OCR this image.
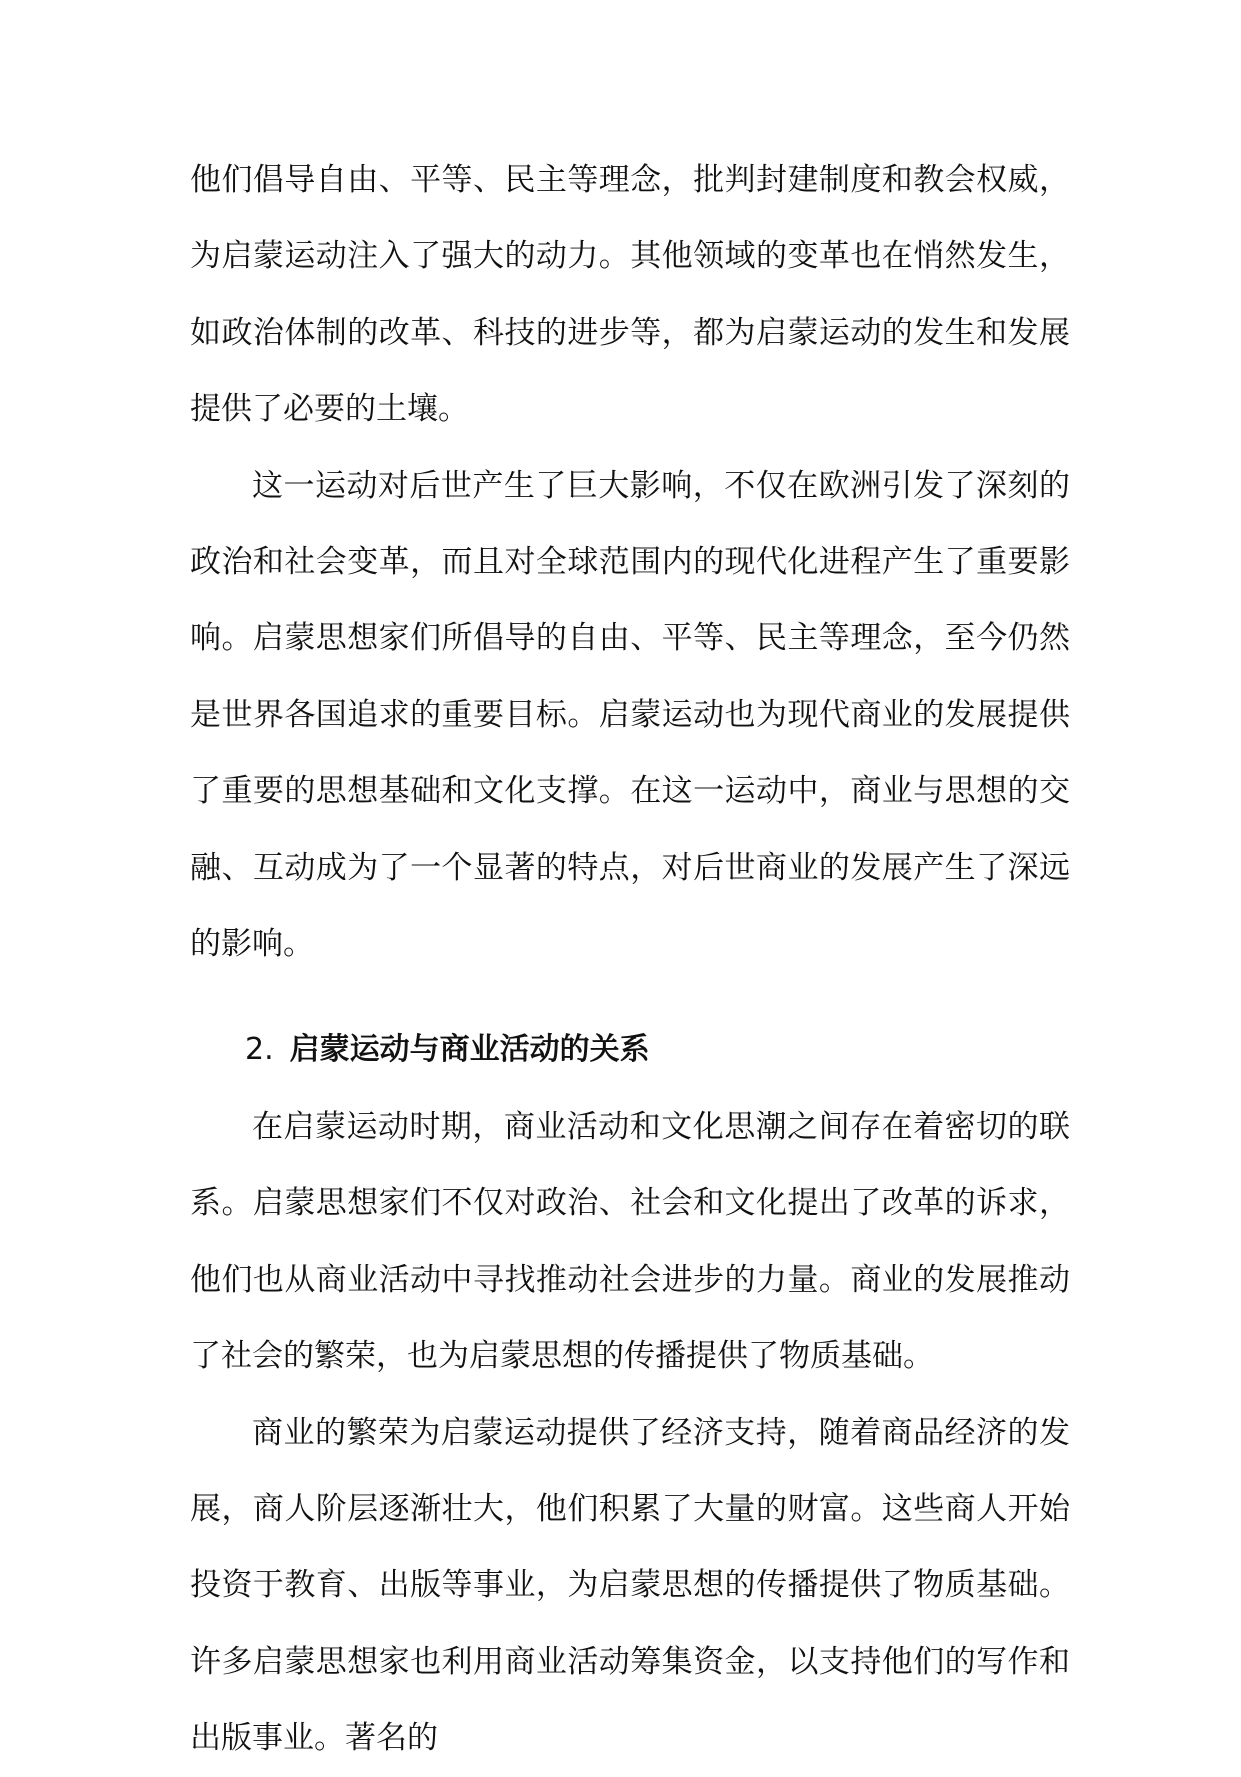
他们倡导自由、平等、民主等理念，批判封建制度和教会权威，为启蒙运动注入了强大的动力。其他领域的变革也在悄然发生，如政治体制的改革、科技的进步等，都为启蒙运动的发生和发展提供了必要的土壤。

这一运动对后世产生了巨大影响，不仅在欧洲引发了深刻的政治和社会变革，而且对全球范围内的现代化进程产生了重要影响。启蒙思想家们所倡导的自由、平等、民主等理念，至今仍然是世界各国追求的重要目标。启蒙运动也为现代商业的发展提供了重要的思想基础和文化支撑。在这一运动中，商业与思想的交融、互动成为了一个显著的特点，对后世商业的发展产生了深远的影响。

2. 启蒙运动与商业活动的关系

在启蒙运动时期，商业活动和文化思潮之间存在着密切的联系。启蒙思想家们不仅对政治、社会和文化提出了改革的诉求，他们也从商业活动中寻找推动社会进步的力量。商业的发展推动了社会的繁荣，也为启蒙思想的传播提供了物质基础。

商业的繁荣为启蒙运动提供了经济支持，随着商品经济的发展，商人阶层逐渐壮大，他们积累了大量的财富。这些商人开始投资于教育、出版等事业，为启蒙思想的传播提供了物质基础。许多启蒙思想家也利用商业活动筹集资金，以支持他们的写作和出版事业。著名的
